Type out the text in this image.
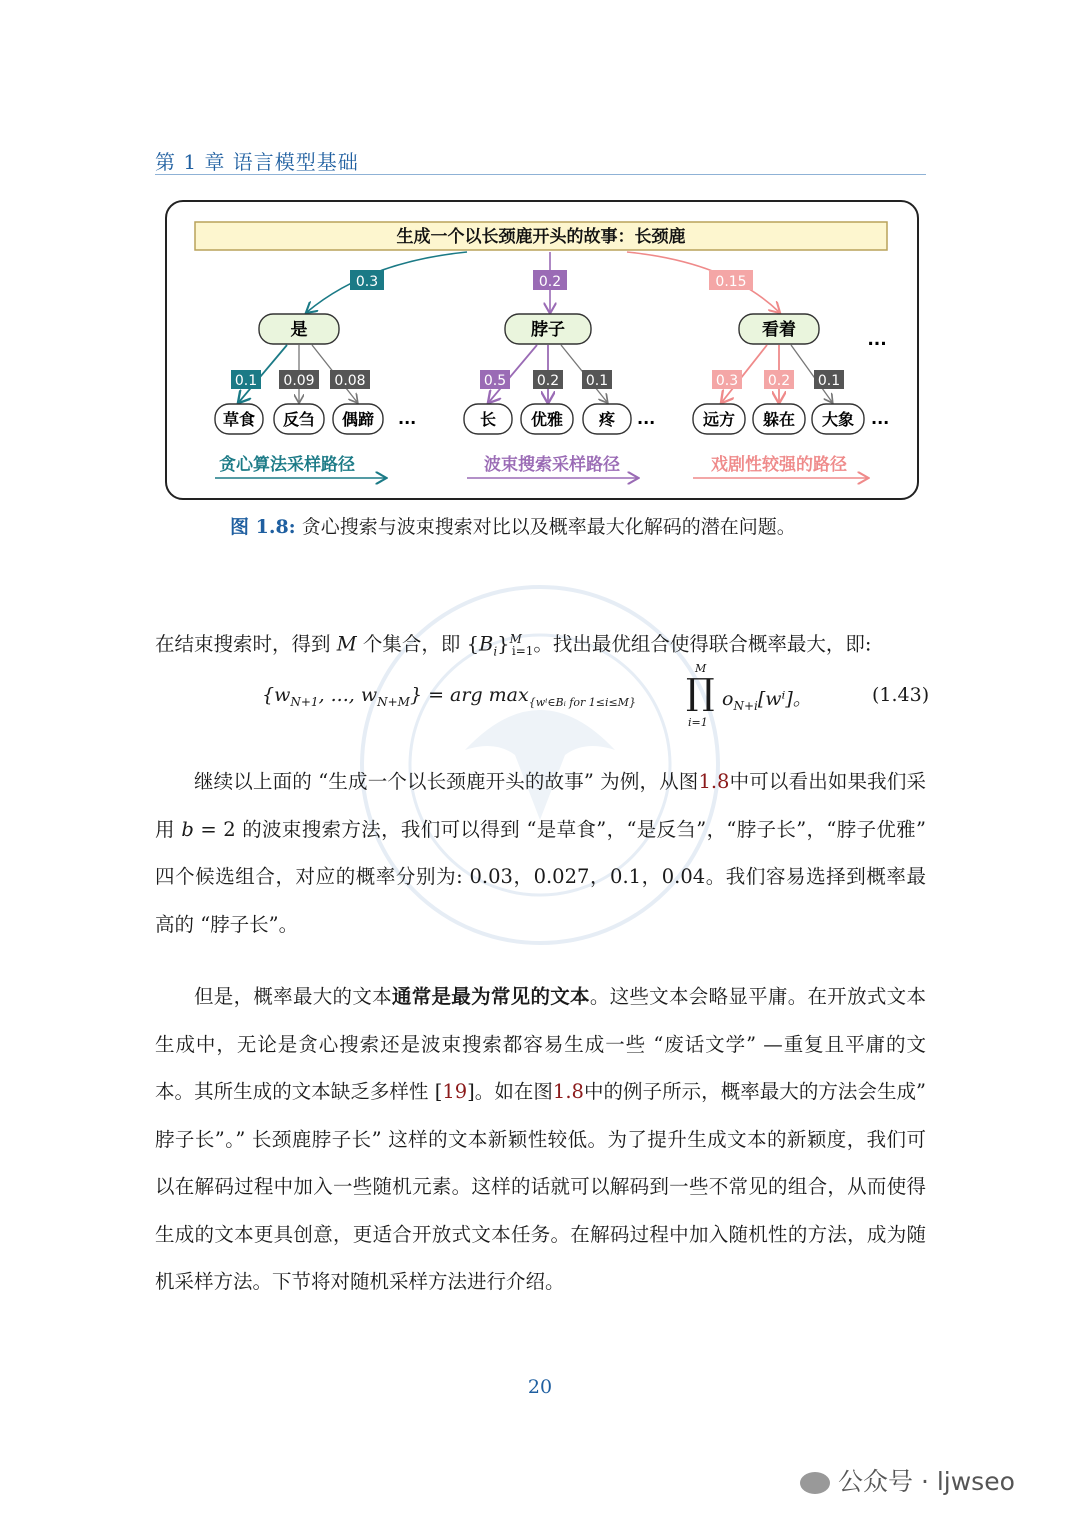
第 1 章 语言模型基础
生成一个以长颈鹿开头的故事：长颈鹿
0.3	0.2	0.15
是	脖子	看着	...
0.1 0.09 0.08	0.5 0.2 0.1	0.3 0.2 0.1
草食 反刍 偶蹄 ...	长 优雅 疼 ...	远方 躲在 大象 ...
贪心算法采样路径	波束搜索采样路径	戏剧性较强的路径
图 1.8: 贪心搜索与波束搜索对比以及概率最大化解码的潜在问题。

在结束搜索时，得到 M 个集合，即 $\{B_i\}^M_{i=1}$。找出最优组合使得联合概率最大，即:

{$w_{N+1}$, ..., $w_{N+M}$} = arg $\max_{\{w^i\in Bᵢ for 1\le i\le M\}}$
M
∏
i=1
$o_{N+i}[w^i]$。	(1.43)

继续以上面的 “生成一个以长颈鹿开头的故事” 为例，从图1.8中可以看出如果我们采用 b = 2 的波束搜索方法，我们可以得到 “是草食”，“是反刍”，“脖子长”，“脖子优雅” 四个候选组合，对应的概率分别为: 0.03，0.027，0.1，0.04。我们容易选择到概率最高的 “脖子长”。

但是，概率最大的文本通常是最为常见的文本。这些文本会略显平庸。在开放式文本生成中，无论是贪心搜索还是波束搜索都容易生成一些 “废话文学” —重复且平庸的文本。其所生成的文本缺乏多样性 [19]。如在图1.8中的例子所示，概率最大的方法会生成” 脖子长”。” 长颈鹿脖子长” 这样的文本新颖性较低。为了提升生成文本的新颖度，我们可以在解码过程中加入一些随机元素。这样的话就可以解码到一些不常见的组合，从而使得生成的文本更具创意，更适合开放式文本任务。在解码过程中加入随机性的方法，成为随机采样方法。下节将对随机采样方法进行介绍。

20
公众号 · ljwseo
